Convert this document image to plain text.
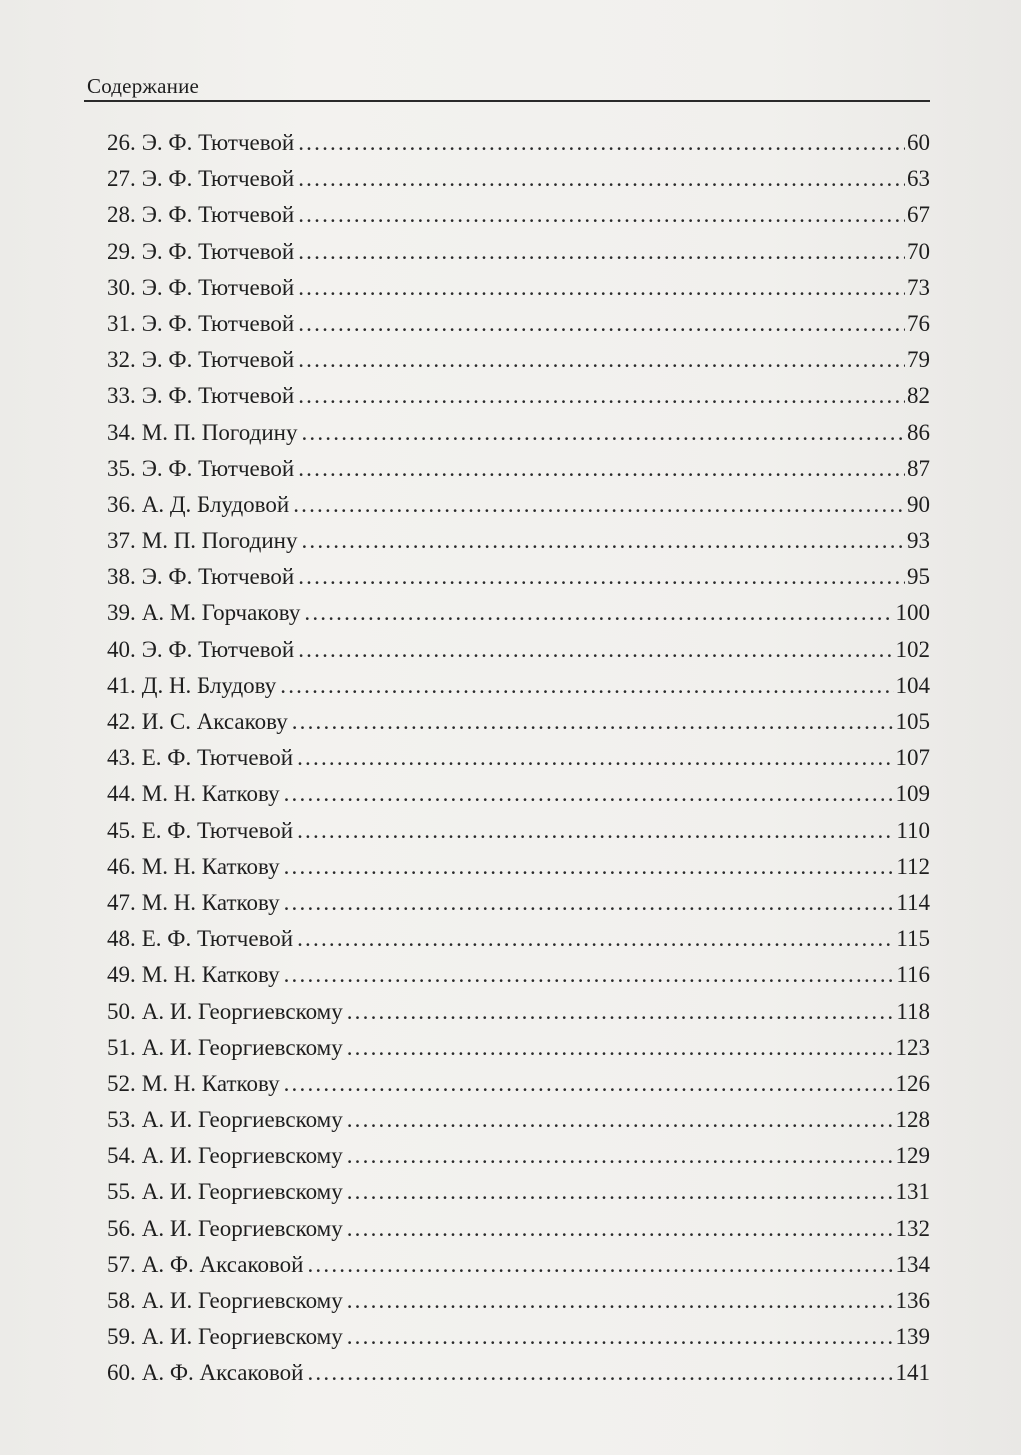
Содержание
26. Э. Ф. Тютчевой .....	60
27. Э. Ф. Тютчевой .....	63
28. Э. Ф. Тютчевой .....	67
29. Э. Ф. Тютчевой .....	70
30. Э. Ф. Тютчевой .....	73
31. Э. Ф. Тютчевой .....	76
32. Э. Ф. Тютчевой .....	79
33. Э. Ф. Тютчевой .....	82
34. М. П. Погодину .....	86
35. Э. Ф. Тютчевой .....	87
36. А. Д. Блудовой .....	90
37. М. П. Погодину .....	93
38. Э. Ф. Тютчевой .....	95
39. А. М. Горчакову .....	100
40. Э. Ф. Тютчевой .....	102
41. Д. Н. Блудову .....	104
42. И. С. Аксакову .....	105
43. Е. Ф. Тютчевой .....	107
44. М. Н. Каткову .....	109
45. Е. Ф. Тютчевой .....	110
46. М. Н. Каткову .....	112
47. М. Н. Каткову .....	114
48. Е. Ф. Тютчевой .....	115
49. М. Н. Каткову .....	116
50. А. И. Георгиевскому .....	118
51. А. И. Георгиевскому .....	123
52. М. Н. Каткову .....	126
53. А. И. Георгиевскому .....	128
54. А. И. Георгиевскому .....	129
55. А. И. Георгиевскому .....	131
56. А. И. Георгиевскому .....	132
57. А. Ф. Аксаковой .....	134
58. А. И. Георгиевскому .....	136
59. А. И. Георгиевскому .....	139
60. А. Ф. Аксаковой .....	141
